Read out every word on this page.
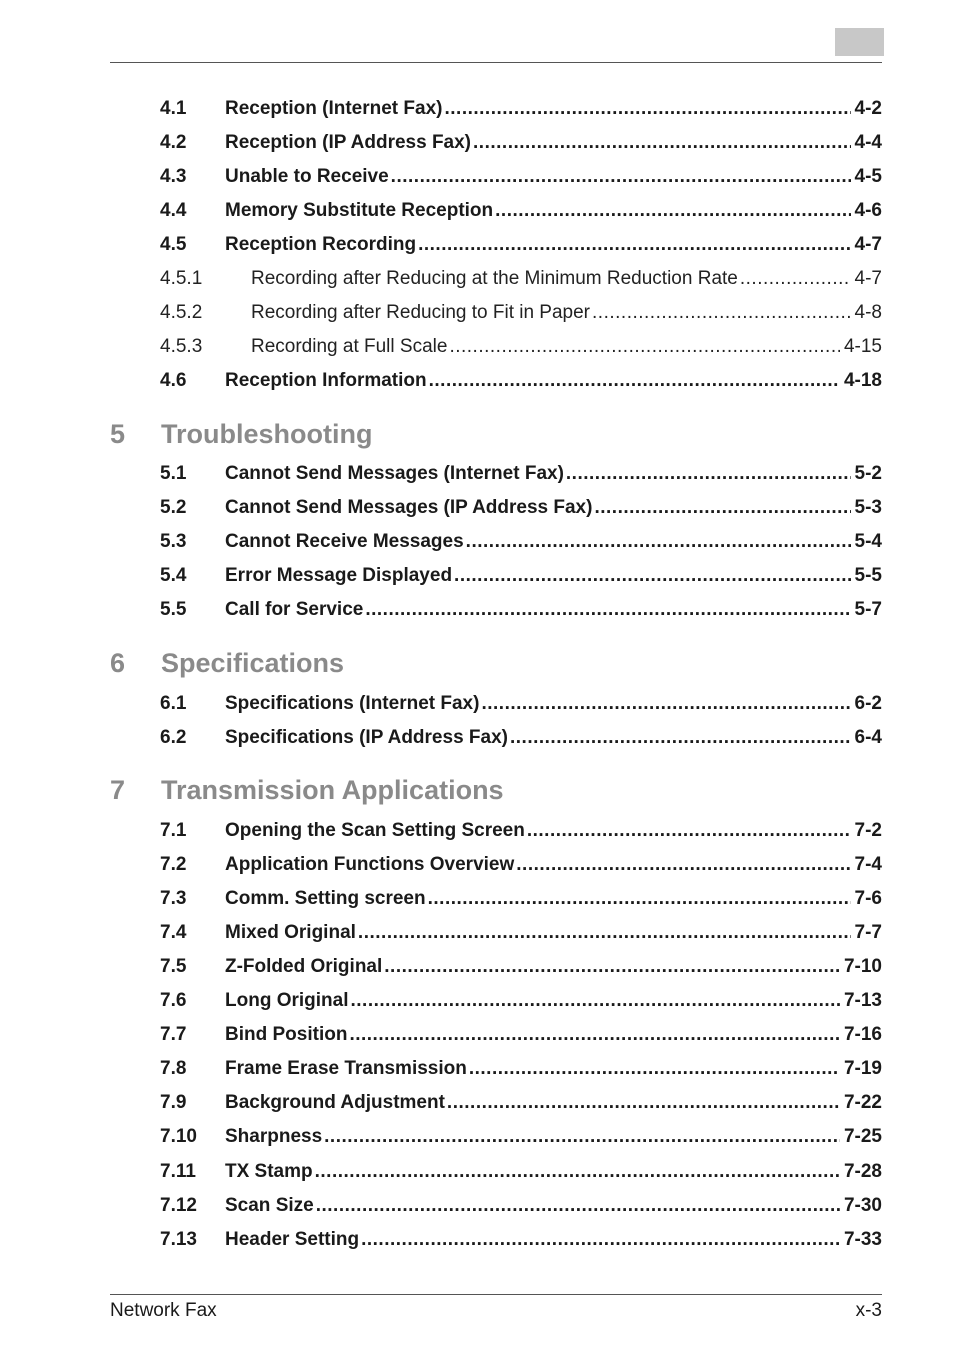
4.1	Reception (Internet Fax) .....	4-2
4.2	Reception (IP Address Fax) .....	4-4
4.3	Unable to Receive .....	4-5
4.4	Memory Substitute Reception .....	4-6
4.5	Reception Recording .....	4-7
4.5.1	Recording after Reducing at the Minimum Reduction Rate .....	4-7
4.5.2	Recording after Reducing to Fit in Paper .....	4-8
4.5.3	Recording at Full Scale .....	4-15
4.6	Reception Information .....	4-18
5 Troubleshooting
5.1	Cannot Send Messages (Internet Fax) .....	5-2
5.2	Cannot Send Messages (IP Address Fax) .....	5-3
5.3	Cannot Receive Messages .....	5-4
5.4	Error Message Displayed .....	5-5
5.5	Call for Service .....	5-7
6 Specifications
6.1	Specifications (Internet Fax) .....	6-2
6.2	Specifications (IP Address Fax) .....	6-4
7 Transmission Applications
7.1	Opening the Scan Setting Screen .....	7-2
7.2	Application Functions Overview .....	7-4
7.3	Comm. Setting screen .....	7-6
7.4	Mixed Original .....	7-7
7.5	Z-Folded Original .....	7-10
7.6	Long Original .....	7-13
7.7	Bind Position .....	7-16
7.8	Frame Erase Transmission .....	7-19
7.9	Background Adjustment .....	7-22
7.10	Sharpness .....	7-25
7.11	TX Stamp .....	7-28
7.12	Scan Size .....	7-30
7.13	Header Setting .....	7-33
Network Fax	x-3
